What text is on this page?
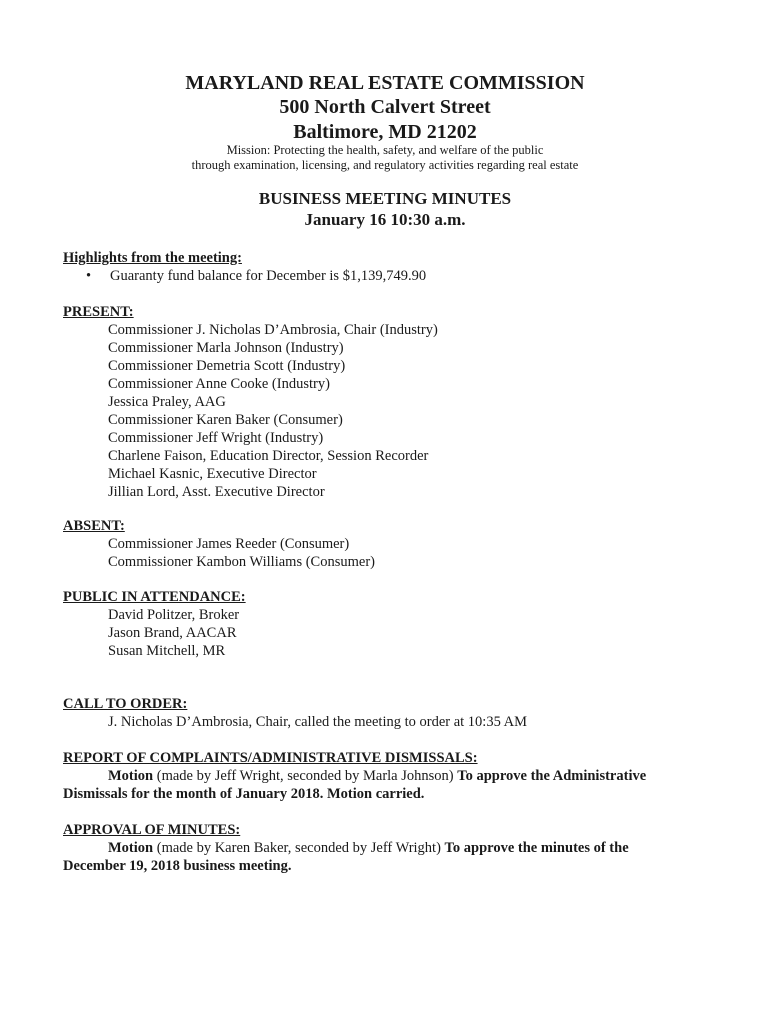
MARYLAND REAL ESTATE COMMISSION
500 North Calvert Street
Baltimore, MD 21202
Mission: Protecting the health, safety, and welfare of the public
through examination, licensing, and regulatory activities regarding real estate
BUSINESS MEETING MINUTES
January 16 10:30 a.m.
Highlights from the meeting:
•	Guaranty fund balance for December is $1,139,749.90
PRESENT:
Commissioner J. Nicholas D’Ambrosia, Chair (Industry)
Commissioner Marla Johnson (Industry)
Commissioner Demetria Scott (Industry)
Commissioner Anne Cooke (Industry)
Jessica Praley, AAG
Commissioner Karen Baker (Consumer)
Commissioner Jeff Wright (Industry)
Charlene Faison, Education Director, Session Recorder
Michael Kasnic, Executive Director
Jillian Lord, Asst. Executive Director
ABSENT:
Commissioner James Reeder (Consumer)
Commissioner Kambon Williams (Consumer)
PUBLIC IN ATTENDANCE:
David Politzer, Broker
Jason Brand, AACAR
Susan Mitchell, MR
CALL TO ORDER:
J. Nicholas D’Ambrosia, Chair, called the meeting to order at 10:35 AM
REPORT OF COMPLAINTS/ADMINISTRATIVE DISMISSALS:
Motion (made by Jeff Wright, seconded by Marla Johnson) To approve the Administrative Dismissals for the month of January 2018. Motion carried.
APPROVAL OF MINUTES:
Motion (made by Karen Baker, seconded by Jeff Wright) To approve the minutes of the December 19, 2018 business meeting.
